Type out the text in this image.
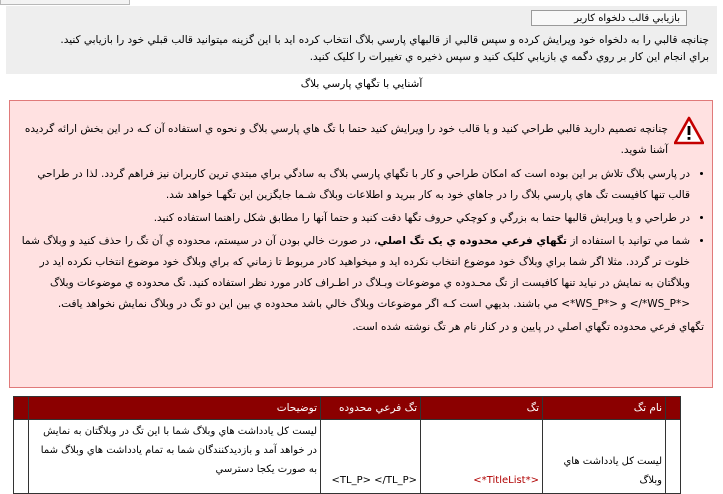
بازيابي قالب دلخواه کاربر

چنانچه قالبي را به دلخواه خود ويرايش کرده و سپس قالبي از قالبهاي پارسي بلاگ انتخاب کرده ايد با اين گزينه ميتوانيد قالب قبلي خود را بازيابي کنيد.

براي انجام اين کار بر روي دگمه ي بازيابي کليک کنيد و سپس ذخيره ي تغييرات را کليک کنيد.

آشنايي با تگهاي پارسي بلاگ

چنانچه تصميم داريد قالبي طراحي کنيد و يا قالب خود را ويرايش کنيد حتما با تگ هاي پارسي بلاگ و نحوه ي استفاده آن کـه در اين بخش ارائه گرديده آشنا شويد.

• در پارسي بلاگ تلاش بر اين بوده است که امکان طراحي و کار با تگهاي پارسي بلاگ به سادگي براي مبتدي ترين کاربران نيز فراهم گردد. لذا در طراحي قالب تنها کافيست تگ هاي پارسي بلاگ را در جاهاي خود به کار ببريد و اطلاعات وبلاگ شـما جايگزين اين تگهـا خواهد شد.
• در طراحي و يا ويرايش قالبها حتما به بزرگي و کوچکي حروف تگها دقت کنيد و حتما آنها را مطابق شکل راهنما استفاده کنيد.
• شما مي توانيد با استفاده از تگهاي فرعي محدوده ي يک تگ اصلي، در صورت خالي بودن آن در سيستم، محدوده ي آن تگ را حذف کنيد و وبلاگ شما خلوت تر گردد. مثلا اگر شما براي وبلاگ خود موضوع انتخاب نکرده ايد و ميخواهيد کادر مربوط تا زماني که براي وبلاگ خود موضوع انتخاب نکرده ايد در وبلاگتان به نمايش در نيايد تنها کافيست از تگ محـدوده ي موضوعات وبـلاگ در اطـراف کادر مورد نظر استفاده کنيد. تگ محدوده ي موضوعات وبلاگ <*WS_P*/> و <*WS_P*> مي باشند. بديهي است کـه اگر موضوعات وبلاگ خالي باشد محدوده ي بين اين دو تگ در وبلاگ نمايش نخواهد يافت.

تگهاي فرعي محدوده تگهاي اصلي در پايين و در کنار نام هر تگ نوشته شده است.

	نام تگ	تگ	تگ فرعي محدوده	توضيحات	
	ليست کل يادداشت هاي وبلاگ	<*TitleList*>	<TL_P> </TL_P>	ليست کل يادداشت هاي وبلاگ شما با اين تگ در وبلاگتان به نمايش در خواهد آمد و بازديدکنندگان شما به تمام يادداشت هاي وبلاگ شما به صورت يکجا دسترسي	
